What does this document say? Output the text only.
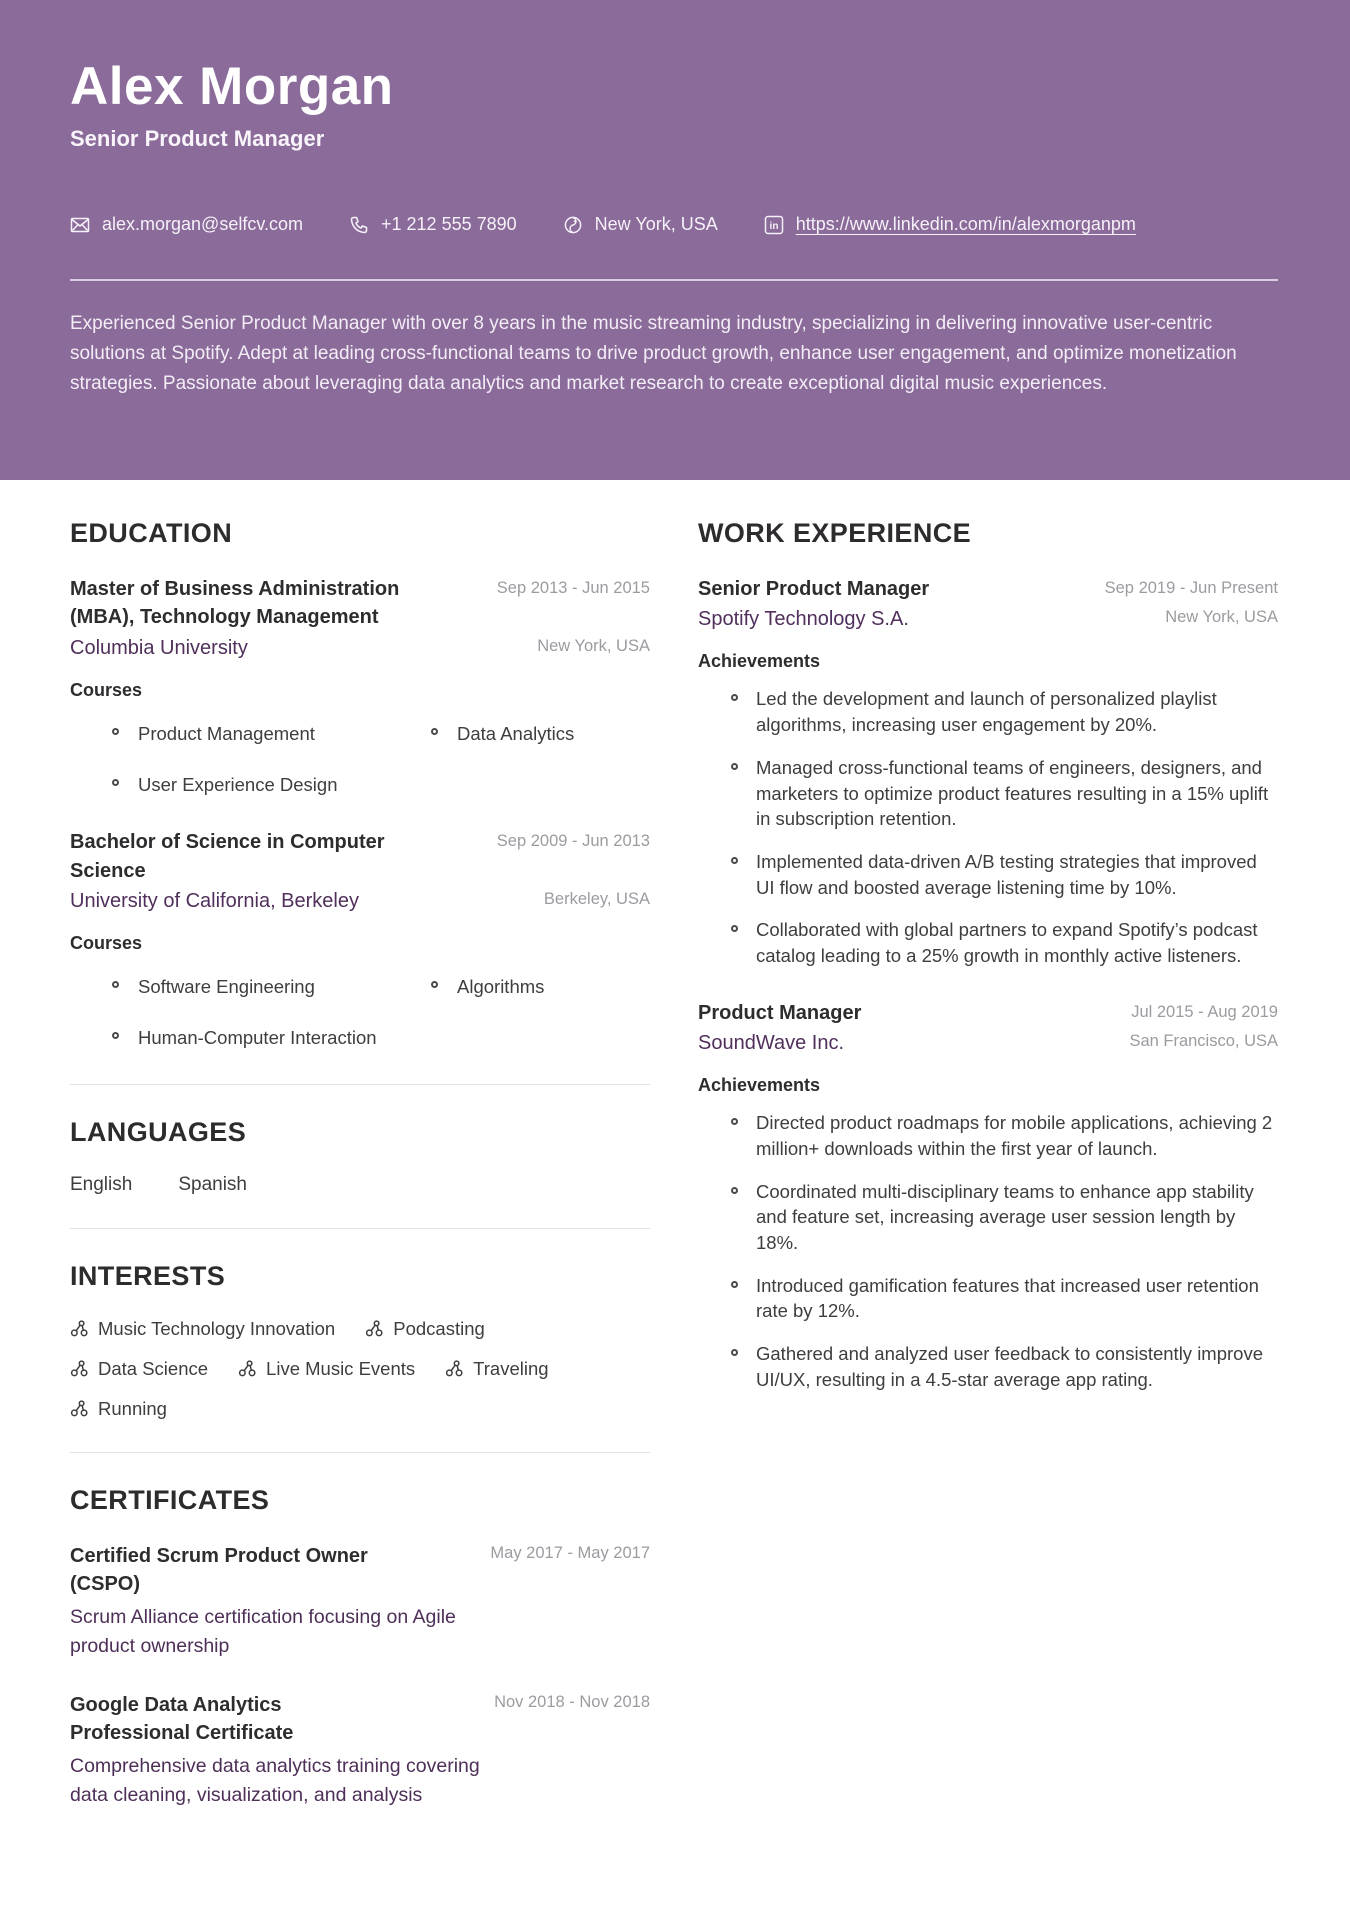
Alex Morgan
Senior Product Manager
alex.morgan@selfcv.com	+1 212 555 7890	New York, USA	in https://www.linkedin.com/in/alexmorganpm

Experienced Senior Product Manager with over 8 years in the music streaming industry, specializing in delivering innovative user-centric solutions at Spotify. Adept at leading cross-functional teams to drive product growth, enhance user engagement, and optimize monetization strategies. Passionate about leveraging data analytics and market research to create exceptional digital music experiences.

EDUCATION
Master of Business Administration (MBA), Technology Management
Columbia University
Sep 2013 - Jun 2015
New York, USA
Courses
Product Management	Data Analytics
User Experience Design
Bachelor of Science in Computer Science
University of California, Berkeley
Sep 2009 - Jun 2013
Berkeley, USA
Courses
Software Engineering	Algorithms
Human-Computer Interaction
LANGUAGES
English Spanish
INTERESTS
Music Technology Innovation	Podcasting
Data Science	Live Music Events	Traveling
Running
CERTIFICATES
Certified Scrum Product Owner (CSPO)
May 2017 - May 2017
Scrum Alliance certification focusing on Agile product ownership
Google Data Analytics Professional Certificate
Nov 2018 - Nov 2018
Comprehensive data analytics training covering data cleaning, visualization, and analysis
WORK EXPERIENCE
Senior Product Manager
Spotify Technology S.A.
Sep 2019 - Jun Present
New York, USA
Achievements
Led the development and launch of personalized playlist algorithms, increasing user engagement by 20%.
Managed cross-functional teams of engineers, designers, and marketers to optimize product features resulting in a 15% uplift in subscription retention.
Implemented data-driven A/B testing strategies that improved UI flow and boosted average listening time by 10%.
Collaborated with global partners to expand Spotify’s podcast catalog leading to a 25% growth in monthly active listeners.
Product Manager
SoundWave Inc.
Jul 2015 - Aug 2019
San Francisco, USA
Achievements
Directed product roadmaps for mobile applications, achieving 2 million+ downloads within the first year of launch.
Coordinated multi-disciplinary teams to enhance app stability and feature set, increasing average user session length by 18%.
Introduced gamification features that increased user retention rate by 12%.
Gathered and analyzed user feedback to consistently improve UI/UX, resulting in a 4.5-star average app rating.
